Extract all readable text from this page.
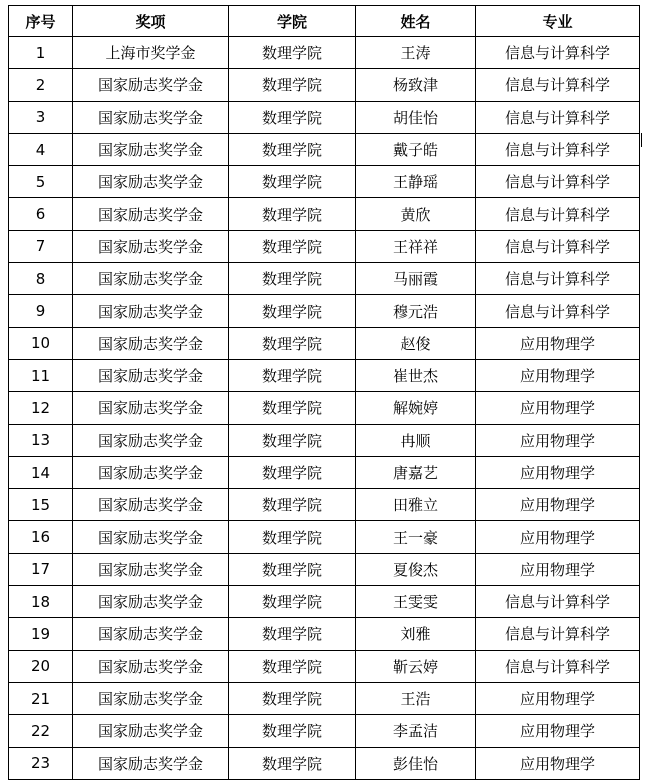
序号	奖项	学院	姓名	专业
1	上海市奖学金	数理学院	王涛	信息与计算科学
2	国家励志奖学金	数理学院	杨致津	信息与计算科学
3	国家励志奖学金	数理学院	胡佳怡	信息与计算科学
4	国家励志奖学金	数理学院	戴子皓	信息与计算科学
5	国家励志奖学金	数理学院	王静瑶	信息与计算科学
6	国家励志奖学金	数理学院	黄欣	信息与计算科学
7	国家励志奖学金	数理学院	王祥祥	信息与计算科学
8	国家励志奖学金	数理学院	马丽霞	信息与计算科学
9	国家励志奖学金	数理学院	穆元浩	信息与计算科学
10	国家励志奖学金	数理学院	赵俊	应用物理学
11	国家励志奖学金	数理学院	崔世杰	应用物理学
12	国家励志奖学金	数理学院	解婉婷	应用物理学
13	国家励志奖学金	数理学院	冉顺	应用物理学
14	国家励志奖学金	数理学院	唐嘉艺	应用物理学
15	国家励志奖学金	数理学院	田雅立	应用物理学
16	国家励志奖学金	数理学院	王一豪	应用物理学
17	国家励志奖学金	数理学院	夏俊杰	应用物理学
18	国家励志奖学金	数理学院	王雯雯	信息与计算科学
19	国家励志奖学金	数理学院	刘雅	信息与计算科学
20	国家励志奖学金	数理学院	靳云婷	信息与计算科学
21	国家励志奖学金	数理学院	王浩	应用物理学
22	国家励志奖学金	数理学院	李孟洁	应用物理学
23	国家励志奖学金	数理学院	彭佳怡	应用物理学
